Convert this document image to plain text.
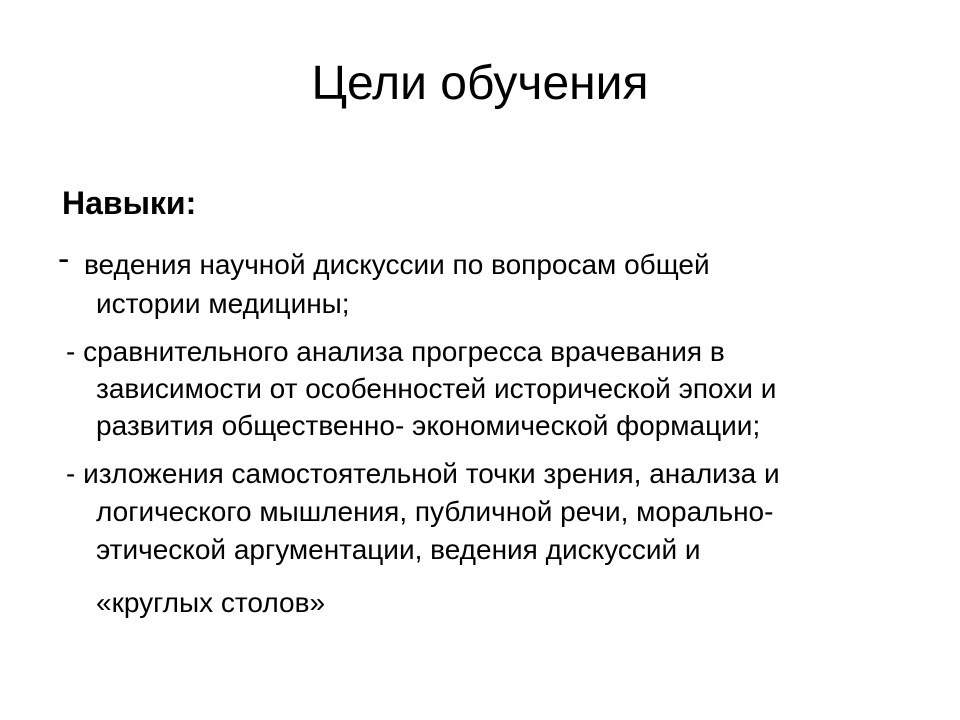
Цели обучения
Навыки:
- ведения научной дискуссии по вопросам общей
истории медицины;
- сравнительного анализа прогресса врачевания в
зависимости от особенностей исторической эпохи и
развития общественно- экономической формации;
- изложения самостоятельной точки зрения, анализа и
логического мышления, публичной речи, морально-
этической аргументации, ведения дискуссий и
«круглых столов»
